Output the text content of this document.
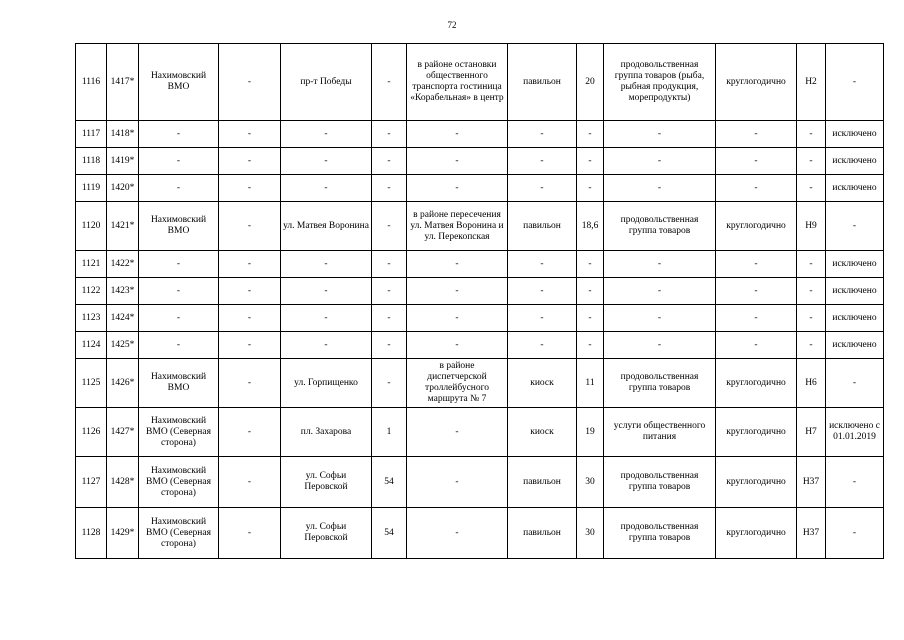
72
1116	1417*	Нахимовский ВМО	-	пр-т Победы	-	в районе остановки общественного транспорта гостиница «Корабельная» в центр	павильон	20	продовольственная группа товаров (рыба, рыбная продукция, морепродукты)	круглогодично	Н2	-
1117	1418*	-	-	-	-	-	-	-	-	-	-	исключено
1118	1419*	-	-	-	-	-	-	-	-	-	-	исключено
1119	1420*	-	-	-	-	-	-	-	-	-	-	исключено
1120	1421*	Нахимовский ВМО	-	ул. Матвея Воронина	-	в районе пересечения ул. Матвея Воронина и ул. Перекопская	павильон	18,6	продовольственная группа товаров	круглогодично	Н9	-
1121	1422*	-	-	-	-	-	-	-	-	-	-	исключено
1122	1423*	-	-	-	-	-	-	-	-	-	-	исключено
1123	1424*	-	-	-	-	-	-	-	-	-	-	исключено
1124	1425*	-	-	-	-	-	-	-	-	-	-	исключено
1125	1426*	Нахимовский ВМО	-	ул. Горпищенко	-	в районе диспетчерской троллейбусного маршрута № 7	киоск	11	продовольственная группа товаров	круглогодично	Н6	-
1126	1427*	Нахимовский ВМО (Северная сторона)	-	пл. Захарова	1	-	киоск	19	услуги общественного питания	круглогодично	Н7	исключено с 01.01.2019
1127	1428*	Нахимовский ВМО (Северная сторона)	-	ул. Софьи Перовской	54	-	павильон	30	продовольственная группа товаров	круглогодично	Н37	-
1128	1429*	Нахимовский ВМО (Северная сторона)	-	ул. Софьи Перовской	54	-	павильон	30	продовольственная группа товаров	круглогодично	Н37	-
